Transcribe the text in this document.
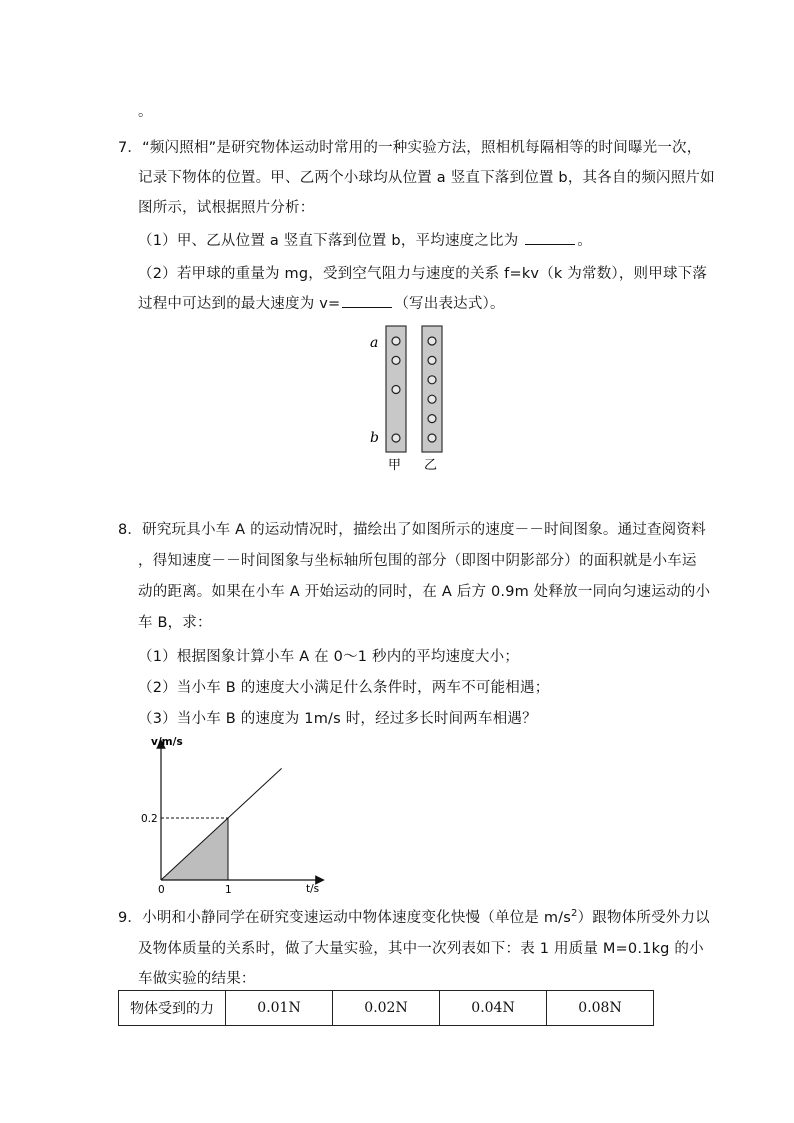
。
7．“频闪照相”是研究物体运动时常用的一种实验方法，照相机每隔相等的时间曝光一次，
记录下物体的位置。甲、乙两个小球均从位置 a 竖直下落到位置 b，其各自的频闪照片如
图所示，试根据照片分析：
（1）甲、乙从位置 a 竖直下落到位置 b，平均速度之比为	。
（2）若甲球的重量为 mg，受到空气阻力与速度的关系 f=kv（k 为常数），则甲球下落
过程中可达到的最大速度为 v=	（写出表达式）。
a
b
甲 乙
8．研究玩具小车 A 的运动情况时，描绘出了如图所示的速度－－时间图象。通过查阅资料
，得知速度－－时间图象与坐标轴所包围的部分（即图中阴影部分）的面积就是小车运
动的距离。如果在小车 A 开始运动的同时，在 A 后方 0.9m 处释放一同向匀速运动的小
车 B，求：
（1）根据图象计算小车 A 在 0～1 秒内的平均速度大小；
（2）当小车 B 的速度大小满足什么条件时，两车不可能相遇；
（3）当小车 B 的速度为 1m/s 时，经过多长时间两车相遇？
v/m/s
t/s
0.2
0	1
9．小明和小静同学在研究变速运动中物体速度变化快慢（单位是 $m/s^2$）跟物体所受外力以
及物体质量的关系时，做了大量实验，其中一次列表如下：表 1 用质量 M=0.1kg 的小
车做实验的结果：
物体受到的力	0.01N	0.02N	0.04N	0.08N
